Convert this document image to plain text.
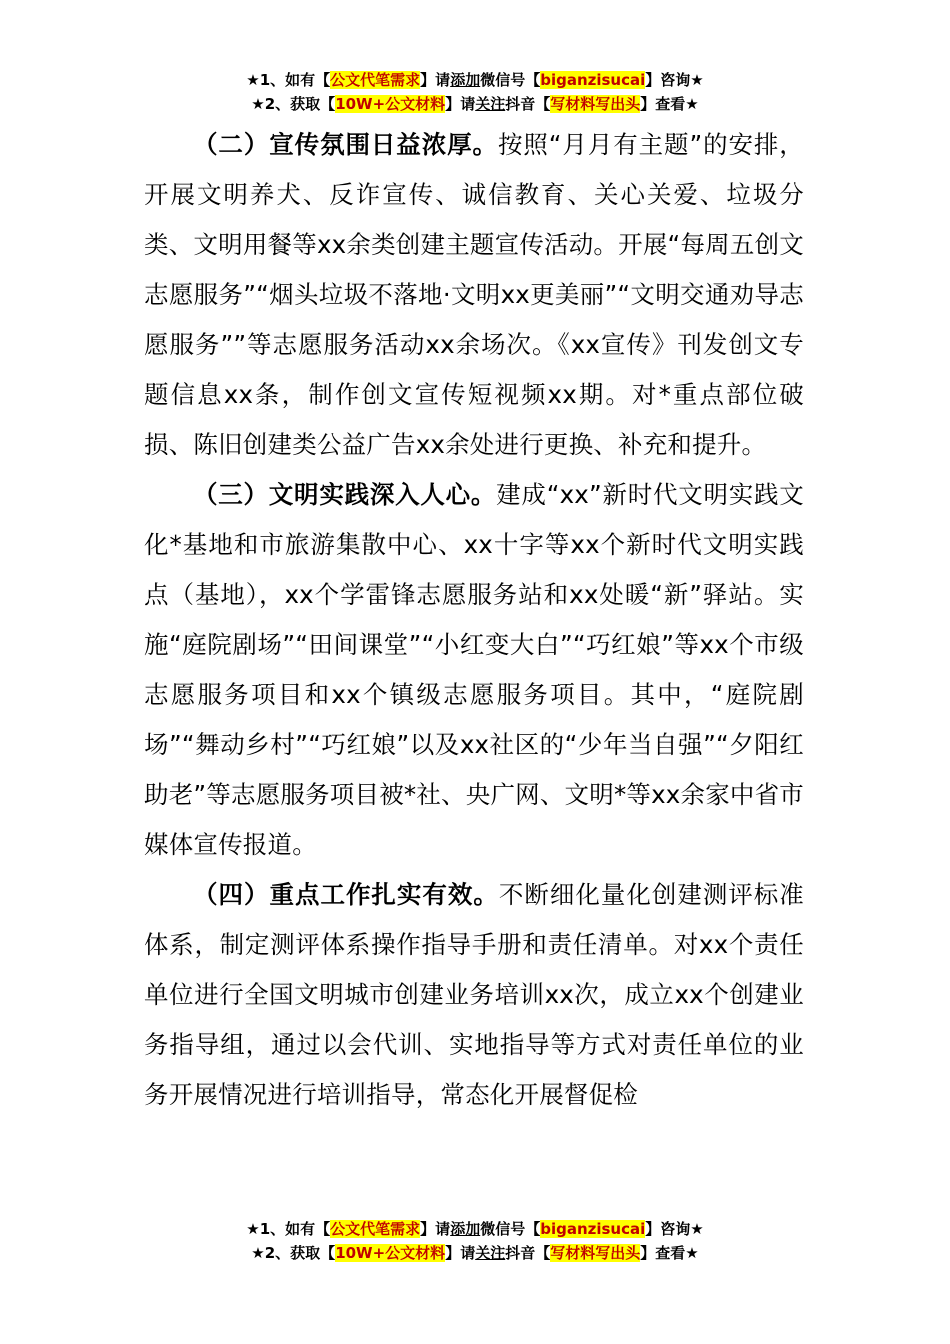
★1、如有【公文代笔需求】请添加微信号【biganzisucai】咨询★
★2、获取【10W+公文材料】请关注抖音【写材料写出头】查看★

（二）宣传氛围日益浓厚。按照“月月有主题”的安排，开展文明养犬、反诈宣传、诚信教育、关心关爱、垃圾分类、文明用餐等xx余类创建主题宣传活动。开展“每周五创文志愿服务”“烟头垃圾不落地·文明xx更美丽”“文明交通劝导志愿服务””等志愿服务活动xx余场次。《xx宣传》刊发创文专题信息xx条，制作创文宣传短视频xx期。对*重点部位破损、陈旧创建类公益广告xx余处进行更换、补充和提升。

（三）文明实践深入人心。建成“xx”新时代文明实践文化*基地和市旅游集散中心、xx十字等xx个新时代文明实践点（基地），xx个学雷锋志愿服务站和xx处暖“新”驿站。实施“庭院剧场”“田间课堂”“小红变大白”“巧红娘”等xx个市级志愿服务项目和xx个镇级志愿服务项目。其中，“庭院剧场”“舞动乡村”“巧红娘”以及xx社区的“少年当自强”“夕阳红助老”等志愿服务项目被*社、央广网、文明*等xx余家中省市媒体宣传报道。

（四）重点工作扎实有效。不断细化量化创建测评标准体系，制定测评体系操作指导手册和责任清单。对xx个责任单位进行全国文明城市创建业务培训xx次，成立xx个创建业务指导组，通过以会代训、实地指导等方式对责任单位的业务开展情况进行培训指导，常态化开展督促检

★1、如有【公文代笔需求】请添加微信号【biganzisucai】咨询★
★2、获取【10W+公文材料】请关注抖音【写材料写出头】查看★
